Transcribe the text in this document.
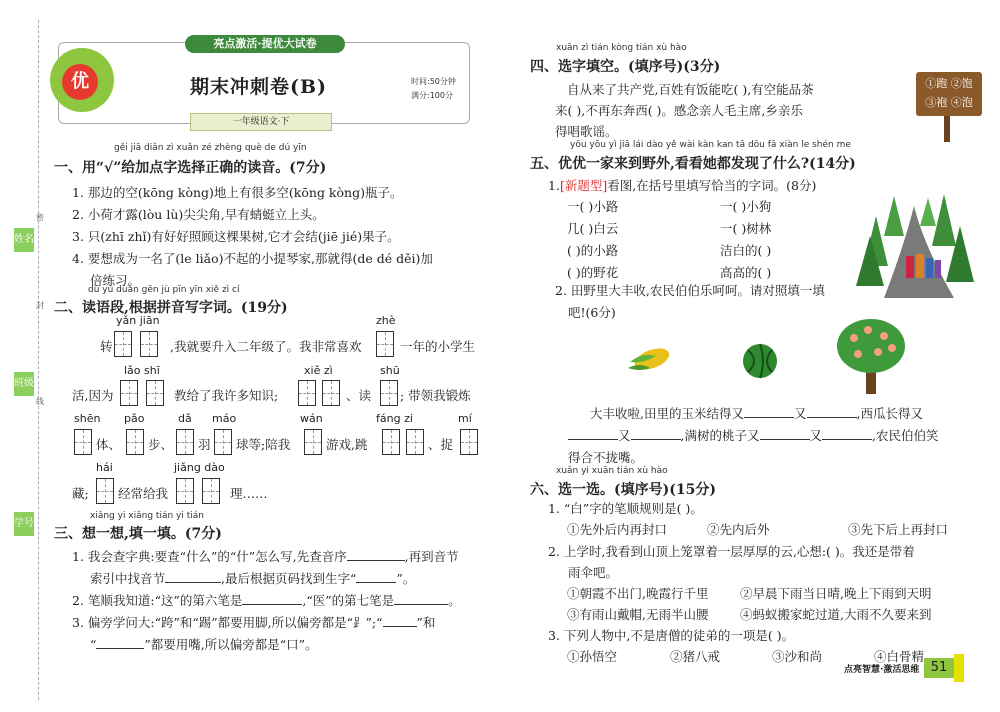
姓名
班级
学号
密
封
线
亮点激活·提优大试卷
优	期末冲刺卷(B)	时间:50分钟
满分:100分
一年级语文·下
gěi jiā diǎn zì xuǎn zé zhèng què de dú yīn
一、用“√”给加点字选择正确的读音。(7分)
1. 那边的空(kōng kòng)地上有很多空(kōng kòng)瓶子。
2. 小荷才露(lòu lù)尖尖角,早有蜻蜓立上头。
3. 只(zhī zhǐ)有好好照顾这棵果树,它才会结(jiē jié)果子。
4. 要想成为一名了(le liǎo)不起的小提琴家,那就得(de dé děi)加
倍练习。
dú yǔ duàn gēn jù pīn yīn xiě zì cí
二、读语段,根据拼音写字词。(19分)
yǎn jiān	zhè
转	,我就要升入二年级了。我非常喜欢	一年的小学生
lǎo shī	xiě zì	shū
活,因为	教给了我许多知识;	、读 ; 带领我锻炼
shēn pǎo	dǎ máo	wán	fáng zi	mí
体、 步、 羽 球等;陪我	游戏,跳	、捉
hái	jiǎng dào
藏; 经常给我	理……
xiǎng yi xiǎng tián yi tián
三、想一想,填一填。(7分)
1. 我会查字典:要查“什么”的“什”怎么写,先查音序	,再到音节
索引中找音节	,最后根据页码找到生字“	”。
2. 笔顺我知道:“这”的第六笔是	,“医”的第七笔是	。
3. 偏旁学问大:“跨”和“踢”都要用脚,所以偏旁都是“⻊”;“	”和
“	”都要用嘴,所以偏旁都是“口”。
xuǎn zì tián kòng tián xù hào
四、选字填空。(填序号)(3分)
自从来了共产党,百姓有饭能吃( ),有空能品茶
来( ),不再东奔西( )。感念亲人毛主席,乡亲乐
得唱歌谣。
①跑 ②饱
③袍 ④泡
yōu yōu yì jiā lái dào yě wài kàn kan tā dōu fā xiàn le shén me
五、优优一家来到野外,看看她都发现了什么?(14分)
1.[新题型]看图,在括号里填写恰当的字词。(8分)
一( )小路	一( )小狗
几( )白云	一( )树林
( )的小路	洁白的( )
( )的野花	高高的( )
2. 田野里大丰收,农民伯伯乐呵呵。请对照填一填
吧!(6分)
大丰收啦,田里的玉米结得又	又	,西瓜长得又
又	,满树的桃子又	又	,农民伯伯笑
得合不拢嘴。
xuǎn yi xuǎn tián xù hào
六、选一选。(填序号)(15分)
1. “白”字的笔顺规则是( )。
①先外后内再封口	②先内后外	③先下后上再封口
2. 上学时,我看到山顶上笼罩着一层厚厚的云,心想:( )。我还是带着
雨伞吧。
①朝霞不出门,晚霞行千里	②早晨下雨当日晴,晚上下雨到天明
③有雨山戴帽,无雨半山腰	④蚂蚁搬家蛇过道,大雨不久要来到
3. 下列人物中,不是唐僧的徒弟的一项是( )。
①孙悟空	②猪八戒	③沙和尚	④白骨精
点亮智慧·激活思维 51
